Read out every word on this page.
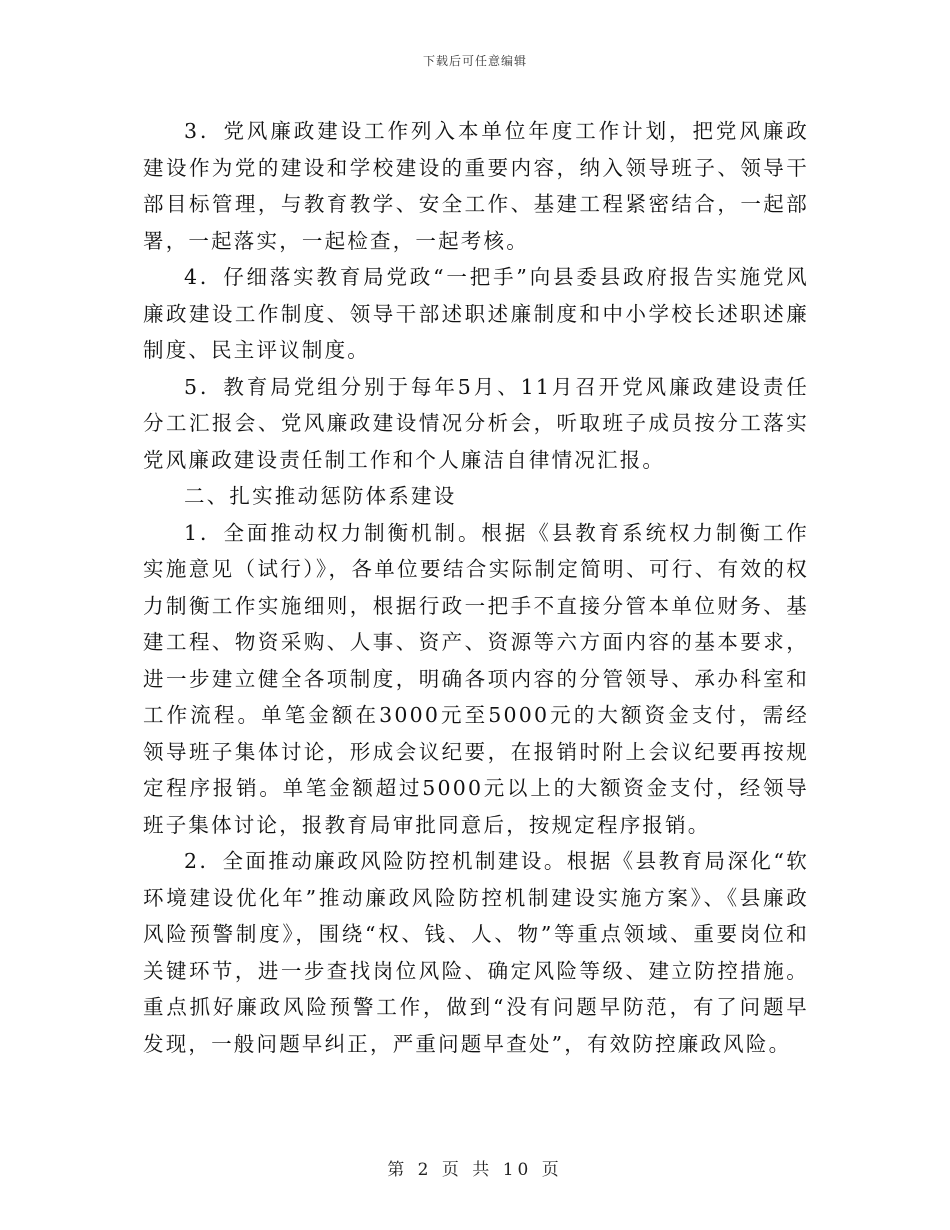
下载后可任意编辑

3．党风廉政建设工作列入本单位年度工作计划，把党风廉政建设作为党的建设和学校建设的重要内容，纳入领导班子、领导干部目标管理，与教育教学、安全工作、基建工程紧密结合，一起部署，一起落实，一起检查，一起考核。

4．仔细落实教育局党政“一把手”向县委县政府报告实施党风廉政建设工作制度、领导干部述职述廉制度和中小学校长述职述廉制度、民主评议制度。

5．教育局党组分别于每年5月、11月召开党风廉政建设责任分工汇报会、党风廉政建设情况分析会，听取班子成员按分工落实党风廉政建设责任制工作和个人廉洁自律情况汇报。

二、扎实推动惩防体系建设

1．全面推动权力制衡机制。根据《县教育系统权力制衡工作实施意见（试行）》，各单位要结合实际制定简明、可行、有效的权力制衡工作实施细则，根据行政一把手不直接分管本单位财务、基建工程、物资采购、人事、资产、资源等六方面内容的基本要求，进一步建立健全各项制度，明确各项内容的分管领导、承办科室和工作流程。单笔金额在3000元至5000元的大额资金支付，需经领导班子集体讨论，形成会议纪要，在报销时附上会议纪要再按规定程序报销。单笔金额超过5000元以上的大额资金支付，经领导班子集体讨论，报教育局审批同意后，按规定程序报销。

2．全面推动廉政风险防控机制建设。根据《县教育局深化“软环境建设优化年”推动廉政风险防控机制建设实施方案》、《县廉政风险预警制度》，围绕“权、钱、人、物”等重点领域、重要岗位和关键环节，进一步查找岗位风险、确定风险等级、建立防控措施。重点抓好廉政风险预警工作，做到“没有问题早防范，有了问题早发现，一般问题早纠正，严重问题早查处”，有效防控廉政风险。

第 2 页 共 10 页
